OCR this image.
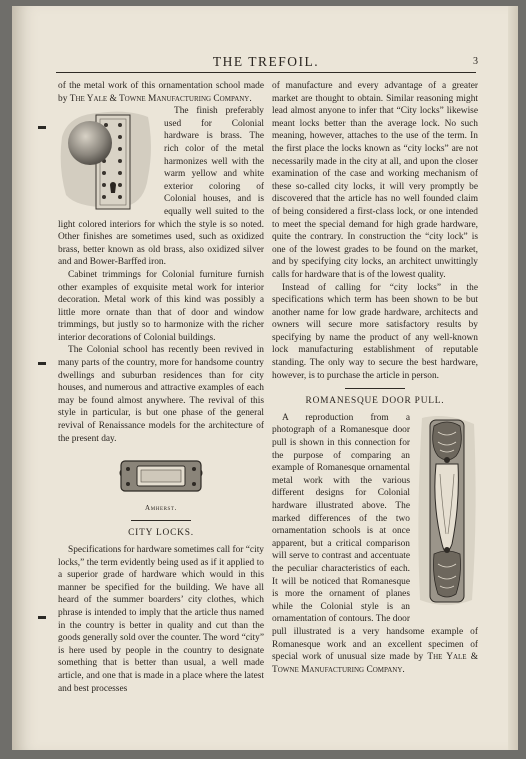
THE TREFOIL.	3

of the metal work of this ornamentation school made by The Yale & Towne Manufacturing Company.

The finish preferably used for Colonial hardware is brass. The rich color of the metal harmonizes well with the warm yellow and white exterior coloring of Colonial houses, and is equally well suited to the light colored interiors for which the style is so noted. Other finishes are sometimes used, such as oxidized brass, better known as old brass, also oxidized silver and and Bower-Barffed iron.

Cabinet trimmings for Colonial furniture furnish other examples of exquisite metal work for interior decoration. Metal work of this kind was possibly a little more ornate than that of door and window trimmings, but justly so to harmonize with the richer interior decorations of Colonial buildings.

The Colonial school has recently been revived in many parts of the country, more for handsome country dwellings and suburban residences than for city houses, and numerous and attractive examples of each may be found almost anywhere. The revival of this style in particular, is but one phase of the general revival of Renaissance models for the architecture of the present day.

Amherst.
CITY LOCKS.

Specifications for hardware sometimes call for “city locks,” the term evidently being used as if it applied to a superior grade of hardware which would in this manner be specified for the building. We have all heard of the summer boarders’ city clothes, which phrase is intended to imply that the article thus named in the country is better in quality and cut than the goods generally sold over the counter. The word “city” is here used by people in the country to designate something that is better than usual, a well made article, and one that is made in a place where the latest and best processes

of manufacture and every advantage of a greater market are thought to obtain. Similar reasoning might lead almost anyone to infer that “City locks” likewise meant locks better than the average lock. No such meaning, however, attaches to the use of the term. In the first place the locks known as “city locks” are not necessarily made in the city at all, and upon the closer examination of the case and working mechanism of these so-called city locks, it will very promptly be discovered that the article has no well founded claim of being considered a first-class lock, or one intended to meet the special demand for high grade hardware, quite the contrary. In construction the “city lock” is one of the lowest grades to be found on the market, and by specifying city locks, an architect unwittingly calls for hardware that is of the lowest quality.

Instead of calling for “city locks” in the specifications which term has been shown to be but another name for low grade hardware, architects and owners will secure more satisfactory results by specifying by name the product of any well-known lock manufacturing establishment of reputable standing. The only way to secure the best hardware, however, is to purchase the article in person.

ROMANESQUE DOOR PULL.

A reproduction from a photograph of a Romanesque door pull is shown in this connection for the purpose of comparing an example of Romanesque ornamental metal work with the various different designs for Colonial hardware illustrated above. The marked differences of the two ornamentation schools is at once apparent, but a critical comparison will serve to contrast and accentuate the peculiar characteristics of each. It will be noticed that Romanesque is more the ornament of planes while the Colonial style is an ornamentation of contours. The door pull illustrated is a very handsome example of Romanesque work and an excellent specimen of special work of unusual size made by The Yale & Towne Manufacturing Company.
